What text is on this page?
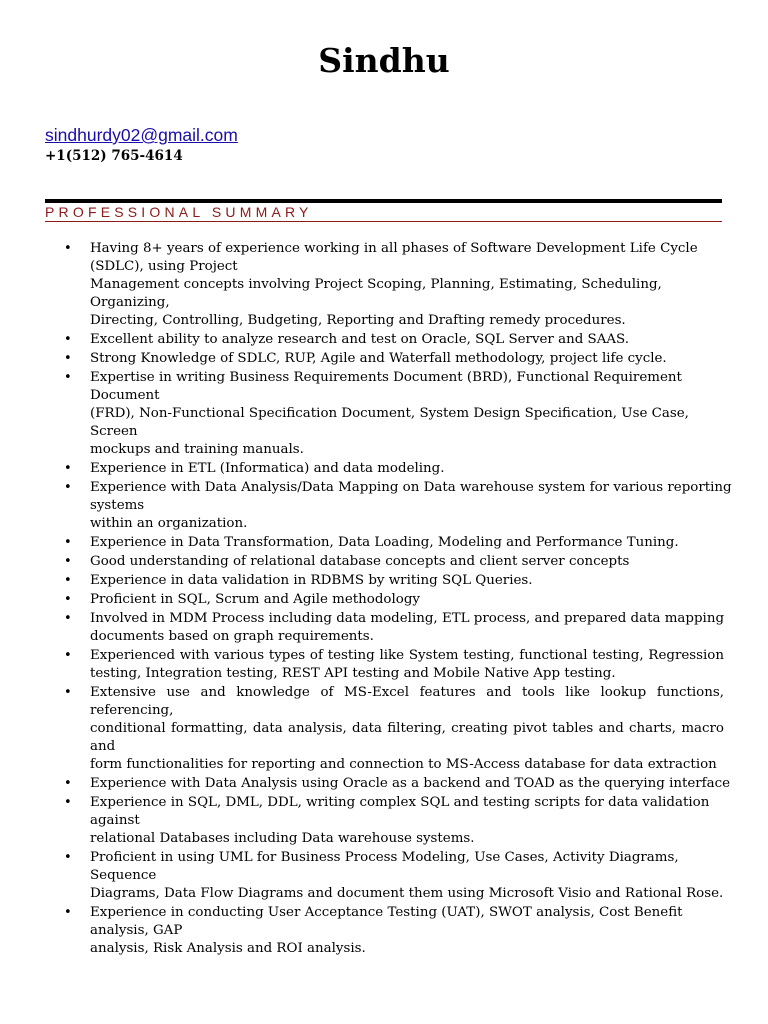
Sindhu
sindhurdy02@gmail.com
+1(512) 765-4614
PROFESSIONAL SUMMARY
• Having 8+ years of experience working in all phases of Software Development Life Cycle
(SDLC), using Project
Management concepts involving Project Scoping, Planning, Estimating, Scheduling,
Organizing,
Directing, Controlling, Budgeting, Reporting and Drafting remedy procedures.
• Excellent ability to analyze research and test on Oracle, SQL Server and SAAS.
• Strong Knowledge of SDLC, RUP, Agile and Waterfall methodology, project life cycle.
• Expertise in writing Business Requirements Document (BRD), Functional Requirement
Document
(FRD), Non-Functional Specification Document, System Design Specification, Use Case,
Screen
mockups and training manuals.
• Experience in ETL (Informatica) and data modeling.
• Experience with Data Analysis/Data Mapping on Data warehouse system for various reporting
systems
within an organization.
• Experience in Data Transformation, Data Loading, Modeling and Performance Tuning.
• Good understanding of relational database concepts and client server concepts
• Experience in data validation in RDBMS by writing SQL Queries.
• Proficient in SQL, Scrum and Agile methodology
• Involved in MDM Process including data modeling, ETL process, and prepared data mapping
documents based on graph requirements.
• Experienced with various types of testing like System testing, functional testing, Regression
testing, Integration testing, REST API testing and Mobile Native App testing.
• Extensive use and knowledge of MS-Excel features and tools like lookup functions, referencing,
conditional formatting, data analysis, data filtering, creating pivot tables and charts, macro and
form functionalities for reporting and connection to MS-Access database for data extraction
• Experience with Data Analysis using Oracle as a backend and TOAD as the querying interface
• Experience in SQL, DML, DDL, writing complex SQL and testing scripts for data validation
against
relational Databases including Data warehouse systems.
• Proficient in using UML for Business Process Modeling, Use Cases, Activity Diagrams,
Sequence
Diagrams, Data Flow Diagrams and document them using Microsoft Visio and Rational Rose.
• Experience in conducting User Acceptance Testing (UAT), SWOT analysis, Cost Benefit
analysis, GAP
analysis, Risk Analysis and ROI analysis.
